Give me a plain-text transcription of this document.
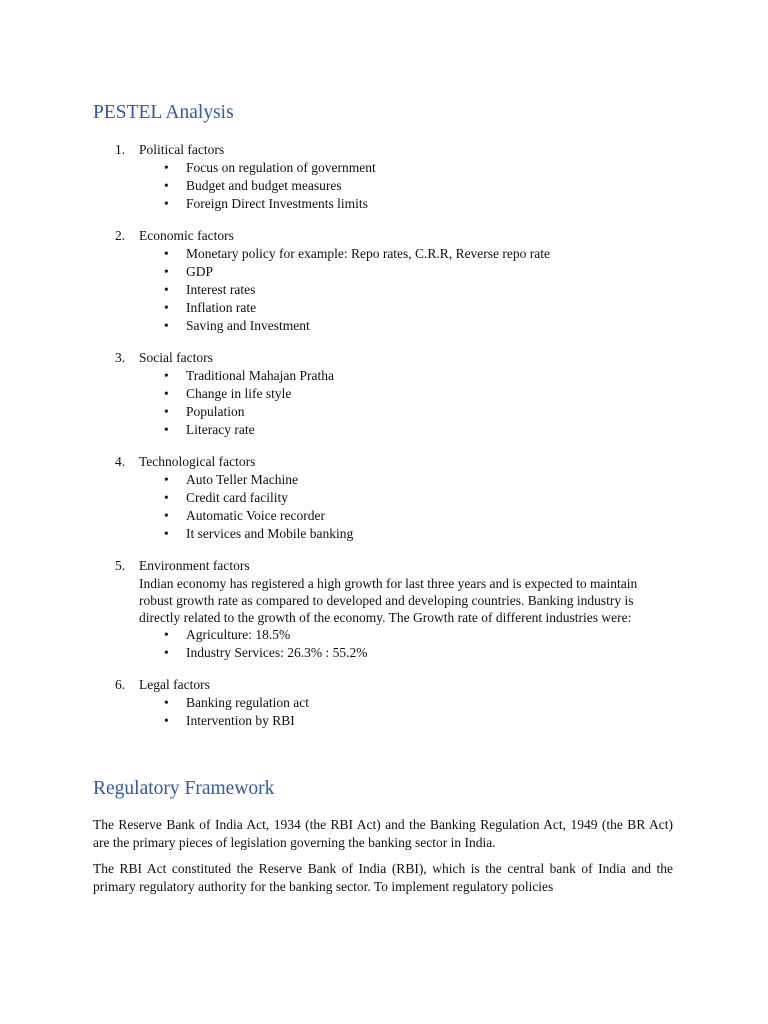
PESTEL Analysis
1. Political factors
• Focus on regulation of government
• Budget and budget measures
• Foreign Direct Investments limits
2. Economic factors
• Monetary policy for example: Repo rates, C.R.R, Reverse repo rate
• GDP
• Interest rates
• Inflation rate
• Saving and Investment
3. Social factors
• Traditional Mahajan Pratha
• Change in life style
• Population
• Literacy rate
4. Technological factors
• Auto Teller Machine
• Credit card facility
• Automatic Voice recorder
• It services and Mobile banking
5. Environment factors

Indian economy has registered a high growth for last three years and is expected to maintain robust growth rate as compared to developed and developing countries. Banking industry is directly related to the growth of the economy. The Growth rate of different industries were:

• Agriculture: 18.5%
• Industry Services: 26.3% : 55.2%
6. Legal factors
• Banking regulation act
• Intervention by RBI
Regulatory Framework

The Reserve Bank of India Act, 1934 (the RBI Act) and the Banking Regulation Act, 1949 (the BR Act) are the primary pieces of legislation governing the banking sector in India.

The RBI Act constituted the Reserve Bank of India (RBI), which is the central bank of India and the primary regulatory authority for the banking sector. To implement regulatory policies
